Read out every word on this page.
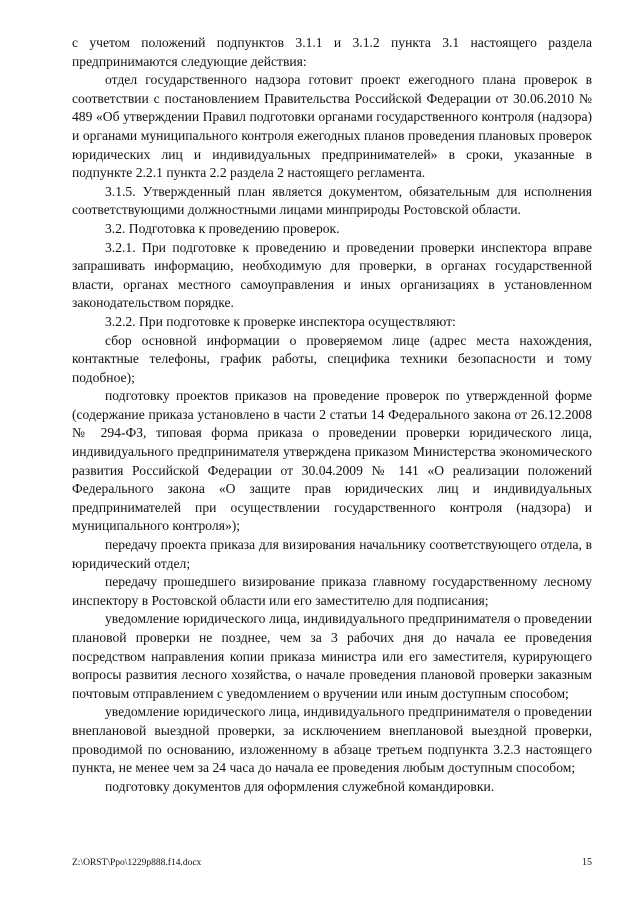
с учетом положений подпунктов 3.1.1 и 3.1.2 пункта 3.1 настоящего раздела предпринимаются следующие действия:

отдел государственного надзора готовит проект ежегодного плана проверок в соответствии с постановлением Правительства Российской Федерации от 30.06.2010 № 489 «Об утверждении Правил подготовки органами государственного контроля (надзора) и органами муниципального контроля ежегодных планов проведения плановых проверок юридических лиц и индивидуальных предпринимателей» в сроки, указанные в подпункте 2.2.1 пункта 2.2 раздела 2 настоящего регламента.

3.1.5. Утвержденный план является документом, обязательным для исполнения соответствующими должностными лицами минприроды Ростовской области.

3.2. Подготовка к проведению проверок.

3.2.1. При подготовке к проведению и проведении проверки инспектора вправе запрашивать информацию, необходимую для проверки, в органах государственной власти, органах местного самоуправления и иных организациях в установленном законодательством порядке.

3.2.2. При подготовке к проверке инспектора осуществляют:

сбор основной информации о проверяемом лице (адрес места нахождения, контактные телефоны, график работы, специфика техники безопасности и тому подобное);

подготовку проектов приказов на проведение проверок по утвержденной форме (содержание приказа установлено в части 2 статьи 14 Федерального закона от 26.12.2008 № 294-ФЗ, типовая форма приказа о проведении проверки юридического лица, индивидуального предпринимателя утверждена приказом Министерства экономического развития Российской Федерации от 30.04.2009 № 141 «О реализации положений Федерального закона «О защите прав юридических лиц и индивидуальных предпринимателей при осуществлении государственного контроля (надзора) и муниципального контроля»);

передачу проекта приказа для визирования начальнику соответствующего отдела, в юридический отдел;

передачу прошедшего визирование приказа главному государственному лесному инспектору в Ростовской области или его заместителю для подписания;

уведомление юридического лица, индивидуального предпринимателя о проведении плановой проверки не позднее, чем за 3 рабочих дня до начала ее проведения посредством направления копии приказа министра или его заместителя, курирующего вопросы развития лесного хозяйства, о начале проведения плановой проверки заказным почтовым отправлением с уведомлением о вручении или иным доступным способом;

уведомление юридического лица, индивидуального предпринимателя о проведении внеплановой выездной проверки, за исключением внеплановой выездной проверки, проводимой по основанию, изложенному в абзаце третьем подпункта 3.2.3 настоящего пункта, не менее чем за 24 часа до начала ее проведения любым доступным способом;

подготовку документов для оформления служебной командировки.

Z:\ORST\Ppo\1229p888.f14.docx	15
